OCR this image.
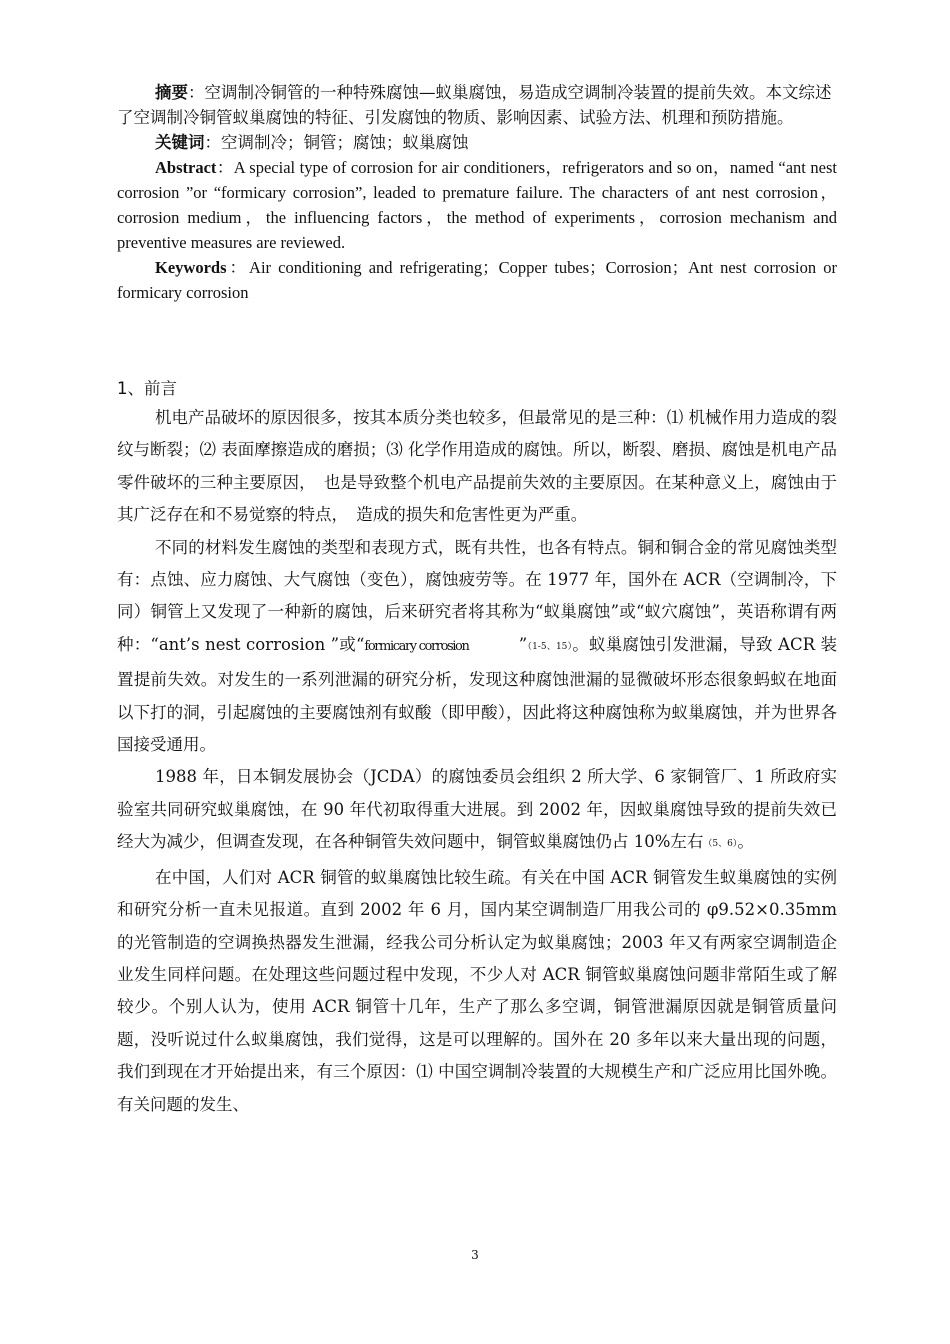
摘要：空调制冷铜管的一种特殊腐蚀—蚁巢腐蚀，易造成空调制冷装置的提前失效。本文综述了空调制冷铜管蚁巢腐蚀的特征、引发腐蚀的物质、影响因素、试验方法、机理和预防措施。

关键词：空调制冷；铜管；腐蚀；蚁巢腐蚀

Abstract：A special type of corrosion for air conditioners，refrigerators and so on，named “ant nest corrosion ”or “formicary corrosion”, leaded to premature failure. The characters of ant nest corrosion，corrosion medium，the influencing factors，the method of experiments，corrosion mechanism and preventive measures are reviewed.

Keywords：Air conditioning and refrigerating；Copper tubes；Corrosion；Ant nest corrosion or formicary corrosion

1、前言

机电产品破坏的原因很多，按其本质分类也较多，但最常见的是三种：⑴ 机械作用力造成的裂纹与断裂；⑵ 表面摩擦造成的磨损；⑶ 化学作用造成的腐蚀。所以，断裂、磨损、腐蚀是机电产品零件破坏的三种主要原因，　也是导致整个机电产品提前失效的主要原因。在某种意义上，腐蚀由于其广泛存在和不易觉察的特点，　造成的损失和危害性更为严重。

不同的材料发生腐蚀的类型和表现方式，既有共性，也各有特点。铜和铜合金的常见腐蚀类型有：点蚀、应力腐蚀、大气腐蚀（变色），腐蚀疲劳等。在 1977 年，国外在 ACR（空调制冷，下同）铜管上又发现了一种新的腐蚀，后来研究者将其称为“蚁巢腐蚀”或“蚁穴腐蚀”，英语称谓有两种：“ant’s nest corrosion ”或“formicary corrosion　　　”（1-5、15）。蚁巢腐蚀引发泄漏，导致 ACR 装置提前失效。对发生的一系列泄漏的研究分析，发现这种腐蚀泄漏的显微破坏形态很象蚂蚁在地面以下打的洞，引起腐蚀的主要腐蚀剂有蚁酸（即甲酸），因此将这种腐蚀称为蚁巢腐蚀，并为世界各国接受通用。

1988 年，日本铜发展协会（JCDA）的腐蚀委员会组织 2 所大学、6 家铜管厂、1 所政府实验室共同研究蚁巢腐蚀，在 90 年代初取得重大进展。到 2002 年，因蚁巢腐蚀导致的提前失效已经大为减少，但调查发现，在各种铜管失效问题中，铜管蚁巢腐蚀仍占 10%左右（5、6）。

在中国，人们对 ACR 铜管的蚁巢腐蚀比较生疏。有关在中国 ACR 铜管发生蚁巢腐蚀的实例和研究分析一直未见报道。直到 2002 年 6 月，国内某空调制造厂用我公司的 φ9.52×0.35mm 的光管制造的空调换热器发生泄漏，经我公司分析认定为蚁巢腐蚀；2003 年又有两家空调制造企业发生同样问题。在处理这些问题过程中发现，不少人对 ACR 铜管蚁巢腐蚀问题非常陌生或了解较少。个别人认为，使用 ACR 铜管十几年，生产了那么多空调，铜管泄漏原因就是铜管质量问题，没听说过什么蚁巢腐蚀，我们觉得，这是可以理解的。国外在 20 多年以来大量出现的问题，我们到现在才开始提出来，有三个原因：⑴ 中国空调制冷装置的大规模生产和广泛应用比国外晚。 有关问题的发生、

3
